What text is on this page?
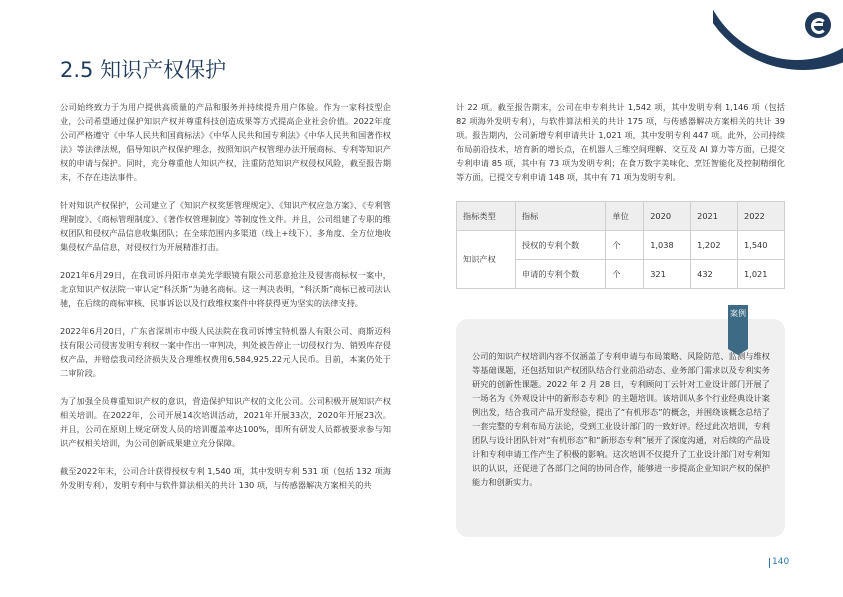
2.5 知识产权保护

公司始终致力于为用户提供高质量的产品和服务并持续提升用户体验。作为一家科技型企业，公司希望通过保护知识产权并尊重科技创造成果等方式提高企业社会价值。2022年度公司严格遵守《中华人民共和国商标法》《中华人民共和国专利法》《中华人民共和国著作权法》等法律法规，倡导知识产权保护理念，按照知识产权管理办法开展商标、专利等知识产权的申请与保护。同时，充分尊重他人知识产权，注重防范知识产权侵权风险，截至报告期末，不存在违法事件。

针对知识产权保护，公司建立了《知识产权奖惩管理规定》、《知识产权应急方案》、《专利管理制度》、《商标管理制度》、《著作权管理制度》等制度性文件。并且，公司组建了专职的维权团队和侵权产品信息收集团队；在全球范围内多渠道（线上+线下）、多角度、全方位地收集侵权产品信息，对侵权行为开展精准打击。

2021年6月29日，在我司诉丹阳市卓美光学眼镜有限公司恶意抢注及侵害商标权一案中，北京知识产权法院一审认定“科沃斯”为驰名商标。这一判决表明，“科沃斯”商标已被司法认驰，在后续的商标审核、民事诉讼以及行政维权案件中将获得更为坚实的法律支持。

2022年6月20日，广东省深圳市中级人民法院在我司诉博宝特机器人有限公司、商斯迈科技有限公司侵害发明专利权一案中作出一审判决，判处被告停止一切侵权行为、销毁库存侵权产品，并赔偿我司经济损失及合理维权费用6,584,925.22元人民币。目前，本案仍处于二审阶段。

为了加强全员尊重知识产权的意识，营造保护知识产权的文化公司。公司积极开展知识产权相关培训。在2022年，公司开展14次培训活动，2021年开展33次，2020年开展23次。并且，公司在原则上规定研发人员的培训覆盖率达100%，即所有研发人员都被要求参与知识产权相关培训，为公司创新成果建立充分保障。

截至2022年末，公司合计获得授权专利 1,540 项，其中发明专利 531 项（包括 132 项海外发明专利），发明专利中与软件算法相关的共计 130 项，与传感器解决方案相关的共

计 22 项。截至报告期末，公司在申专利共计 1,542 项，其中发明专利 1,146 项（包括 82 项海外发明专利），与软件算法相关的共计 175 项，与传感器解决方案相关的共计 39 项。报告期内，公司新增专利申请共计 1,021 项，其中发明专利 447 项。此外，公司持续布局前沿技术，培育新的增长点，在机器人三维空间理解、交互及 AI 算力等方面，已提交专利申请 85 项，其中有 73 项为发明专利；在食万数字美味化、烹饪智能化及控制精细化等方面，已提交专利申请 148 项，其中有 71 项为发明专利。

指标类型	指标	单位	2020	2021	2022
知识产权	授权的专利个数	个	1,038	1,202	1,540
	申请的专利个数	个	321	432	1,021
公司的知识产权培训内容不仅涵盖了专利申请与布局策略、风险防范、监测与维权等基础课题，还包括知识产权团队结合行业前沿动态、业务部门需求以及专利实务研究的创新性课题。2022 年 2 月 28 日，专利顾问丁云针对工业设计部门开展了一场名为《外观设计中的新形态专利》的主题培训。该培训从多个行业经典设计案例出发，结合我司产品开发经验，提出了“有机形态”的概念，并围绕该概念总结了一套完整的专利布局方法论，受到工业设计部门的一致好评。经过此次培训，专利团队与设计团队针对“有机形态”和“新形态专利”展开了深度沟通，对后续的产品设计和专利申请工作产生了积极的影响。这次培训不仅提升了工业设计部门对专利知识的认识，还促进了各部门之间的协同合作，能够进一步提高企业知识产权的保护能力和创新实力。
案例
140
